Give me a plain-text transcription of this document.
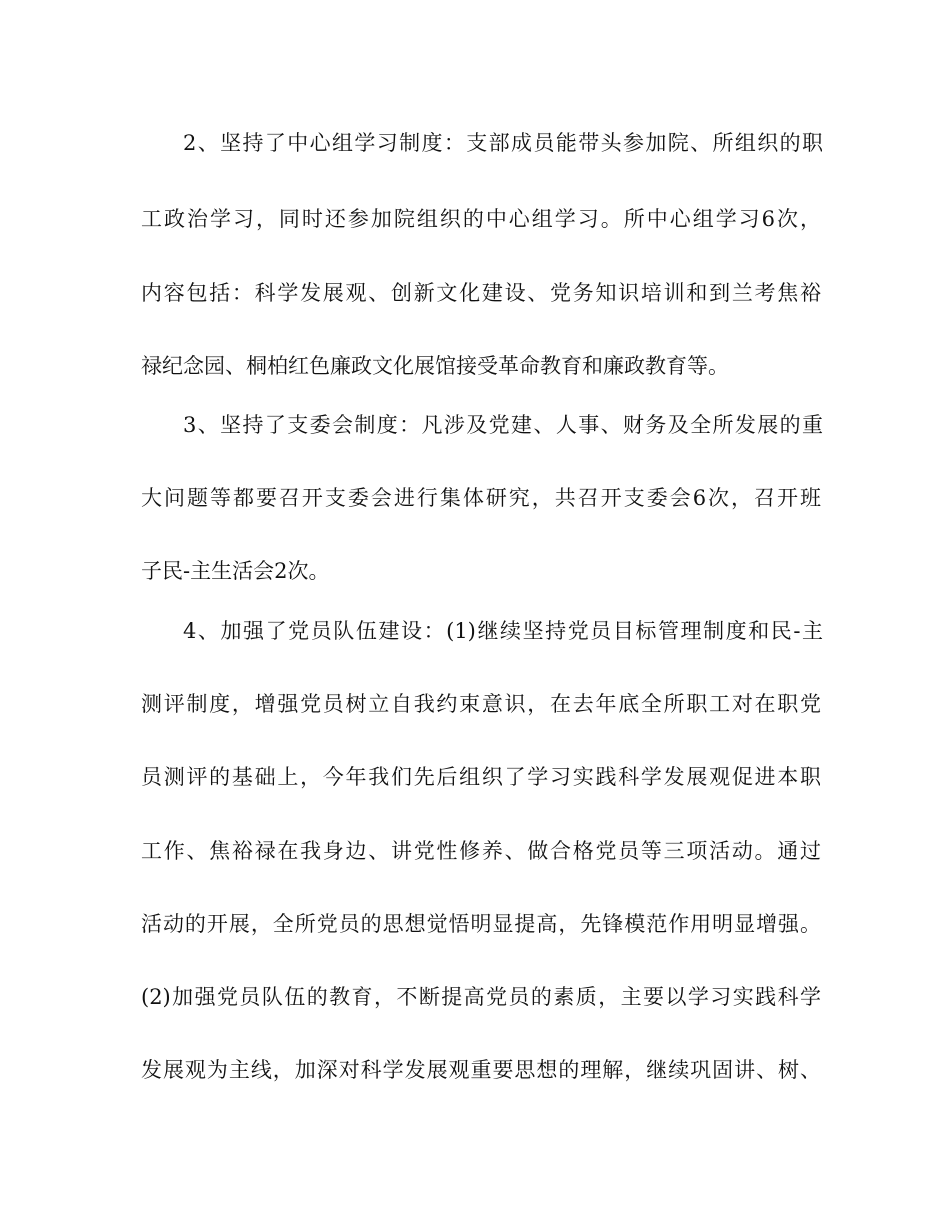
2、坚持了中心组学习制度：支部成员能带头参加院、所组织的职
工政治学习，同时还参加院组织的中心组学习。所中心组学习6次，
内容包括：科学发展观、创新文化建设、党务知识培训和到兰考焦裕
禄纪念园、桐柏红色廉政文化展馆接受革命教育和廉政教育等。
3、坚持了支委会制度：凡涉及党建、人事、财务及全所发展的重
大问题等都要召开支委会进行集体研究，共召开支委会6次，召开班
子民-主生活会2次。
4、加强了党员队伍建设：(1)继续坚持党员目标管理制度和民-主
测评制度，增强党员树立自我约束意识，在去年底全所职工对在职党
员测评的基础上，今年我们先后组织了学习实践科学发展观促进本职
工作、焦裕禄在我身边、讲党性修养、做合格党员等三项活动。通过
活动的开展，全所党员的思想觉悟明显提高，先锋模范作用明显增强。
(2)加强党员队伍的教育，不断提高党员的素质，主要以学习实践科学
发展观为主线，加深对科学发展观重要思想的理解，继续巩固讲、树、
